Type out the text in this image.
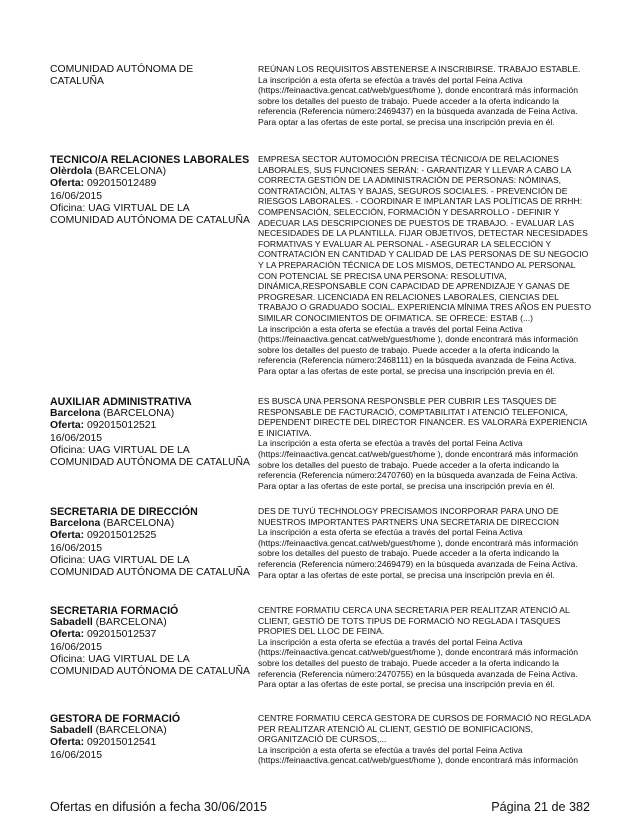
COMUNIDAD AUTÓNOMA DE
CATALUÑA
REÚNAN LOS REQUISITOS ABSTENERSE A INSCRIBIRSE. TRABAJO ESTABLE.
La inscripción a esta oferta se efectúa a través del portal Feina Activa (https://feinaactiva.gencat.cat/web/guest/home ), donde encontrará más información sobre los detalles del puesto de trabajo. Puede acceder a la oferta indicando la referencia (Referencia número:2469437) en la búsqueda avanzada de Feina Activa.
Para optar a las ofertas de este portal, se precisa una inscripción previa en él.
TECNICO/A RELACIONES LABORALES
Olèrdola (BARCELONA)
Oferta: 092015012489
16/06/2015
Oficina: UAG VIRTUAL DE LA COMUNIDAD AUTÓNOMA DE CATALUÑA
EMPRESA SECTOR AUTOMOCIÓN PRECISA TÉCNICO/A DE RELACIONES LABORALES, SUS FUNCIONES SERÁN: - GARANTIZAR Y LLEVAR A CABO LA CORRECTA GESTIÓN DE LA ADMINISTRACIÓN DE PERSONAS: NÓMINAS, CONTRATACIÓN, ALTAS Y BAJAS, SEGUROS SOCIALES. - PREVENCIÓN DE RIESGOS LABORALES. - COORDINAR E IMPLANTAR LAS POLÍTICAS DE RRHH: COMPENSACIÓN, SELECCIÓN, FORMACIÓN Y DESARROLLO - DEFINIR Y ADECUAR LAS DESCRIPCIONES DE PUESTOS DE TRABAJO. - EVALUAR LAS NECESIDADES DE LA PLANTILLA. FIJAR OBJETIVOS, DETECTAR NECESIDADES FORMATIVAS Y EVALUAR AL PERSONAL - ASEGURAR LA SELECCIÓN Y CONTRATACIÓN EN CANTIDAD Y CALIDAD DE LAS PERSONAS DE SU NEGOCIO Y LA PREPARACIÓN TÉCNICA DE LOS MISMOS, DETECTANDO AL PERSONAL CON POTENCIAL SE PRECISA UNA PERSONA: RESOLUTIVA, DINÁMICA,RESPONSABLE CON CAPACIDAD DE APRENDIZAJE Y GANAS DE PROGRESAR. LICENCIADA EN RELACIONES LABORALES, CIENCIAS DEL TRABAJO O GRADUADO SOCIAL. EXPERIENCIA MÍNIMA TRES AÑOS EN PUESTO SIMILAR CONOCIMIENTOS DE OFIMATICA. SE OFRECE: ESTAB (...)
La inscripción a esta oferta se efectúa a través del portal Feina Activa (https://feinaactiva.gencat.cat/web/guest/home ), donde encontrará más información sobre los detalles del puesto de trabajo. Puede acceder a la oferta indicando la referencia (Referencia número:2468111) en la búsqueda avanzada de Feina Activa.
Para optar a las ofertas de este portal, se precisa una inscripción previa en él.
AUXILIAR ADMINISTRATIVA
Barcelona (BARCELONA)
Oferta: 092015012521
16/06/2015
Oficina: UAG VIRTUAL DE LA COMUNIDAD AUTÓNOMA DE CATALUÑA
ES BUSCA UNA PERSONA RESPONSBLE PER CUBRIR LES TASQUES DE RESPONSABLE DE FACTURACIÓ, COMPTABILITAT I ATENCIÓ TELEFONICA, DEPENDENT DIRECTE DEL DIRECTOR FINANCER. ES VALORARà EXPERIENCIA E INICIATIVA.
La inscripción a esta oferta se efectúa a través del portal Feina Activa (https://feinaactiva.gencat.cat/web/guest/home ), donde encontrará más información sobre los detalles del puesto de trabajo. Puede acceder a la oferta indicando la referencia (Referencia número:2470760) en la búsqueda avanzada de Feina Activa.
Para optar a las ofertas de este portal, se precisa una inscripción previa en él.
SECRETARIA DE DIRECCIÓN
Barcelona (BARCELONA)
Oferta: 092015012525
16/06/2015
Oficina: UAG VIRTUAL DE LA COMUNIDAD AUTÓNOMA DE CATALUÑA
DES DE TUYÚ TECHNOLOGY PRECISAMOS INCORPORAR PARA UNO DE NUESTROS IMPORTANTES PARTNERS UNA SECRETARIA DE DIRECCION
La inscripción a esta oferta se efectúa a través del portal Feina Activa (https://feinaactiva.gencat.cat/web/guest/home ), donde encontrará más información sobre los detalles del puesto de trabajo. Puede acceder a la oferta indicando la referencia (Referencia número:2469479) en la búsqueda avanzada de Feina Activa.
Para optar a las ofertas de este portal, se precisa una inscripción previa en él.
SECRETARIA FORMACIÓ
Sabadell (BARCELONA)
Oferta: 092015012537
16/06/2015
Oficina: UAG VIRTUAL DE LA COMUNIDAD AUTÓNOMA DE CATALUÑA
CENTRE FORMATIU CERCA UNA SECRETARIA PER REALITZAR ATENCIÓ AL CLIENT, GESTIÓ DE TOTS TIPUS DE FORMACIÓ NO REGLADA I TASQUES PROPIES DEL LLOC DE FEINA.
La inscripción a esta oferta se efectúa a través del portal Feina Activa (https://feinaactiva.gencat.cat/web/guest/home ), donde encontrará más información sobre los detalles del puesto de trabajo. Puede acceder a la oferta indicando la referencia (Referencia número:2470755) en la búsqueda avanzada de Feina Activa.
Para optar a las ofertas de este portal, se precisa una inscripción previa en él.
GESTORA DE FORMACIÓ
Sabadell (BARCELONA)
Oferta: 092015012541
16/06/2015
CENTRE FORMATIU CERCA GESTORA DE CURSOS DE FORMACIÓ NO REGLADA PER REALITZAR ATENCIÓ AL CLIENT, GESTIÓ DE BONIFICACIONS, ORGANITZACIÓ DE CURSOS,...
La inscripción a esta oferta se efectúa a través del portal Feina Activa (https://feinaactiva.gencat.cat/web/guest/home ), donde encontrará más información
Ofertas en difusión a fecha 30/06/2015	Página 21 de 382
